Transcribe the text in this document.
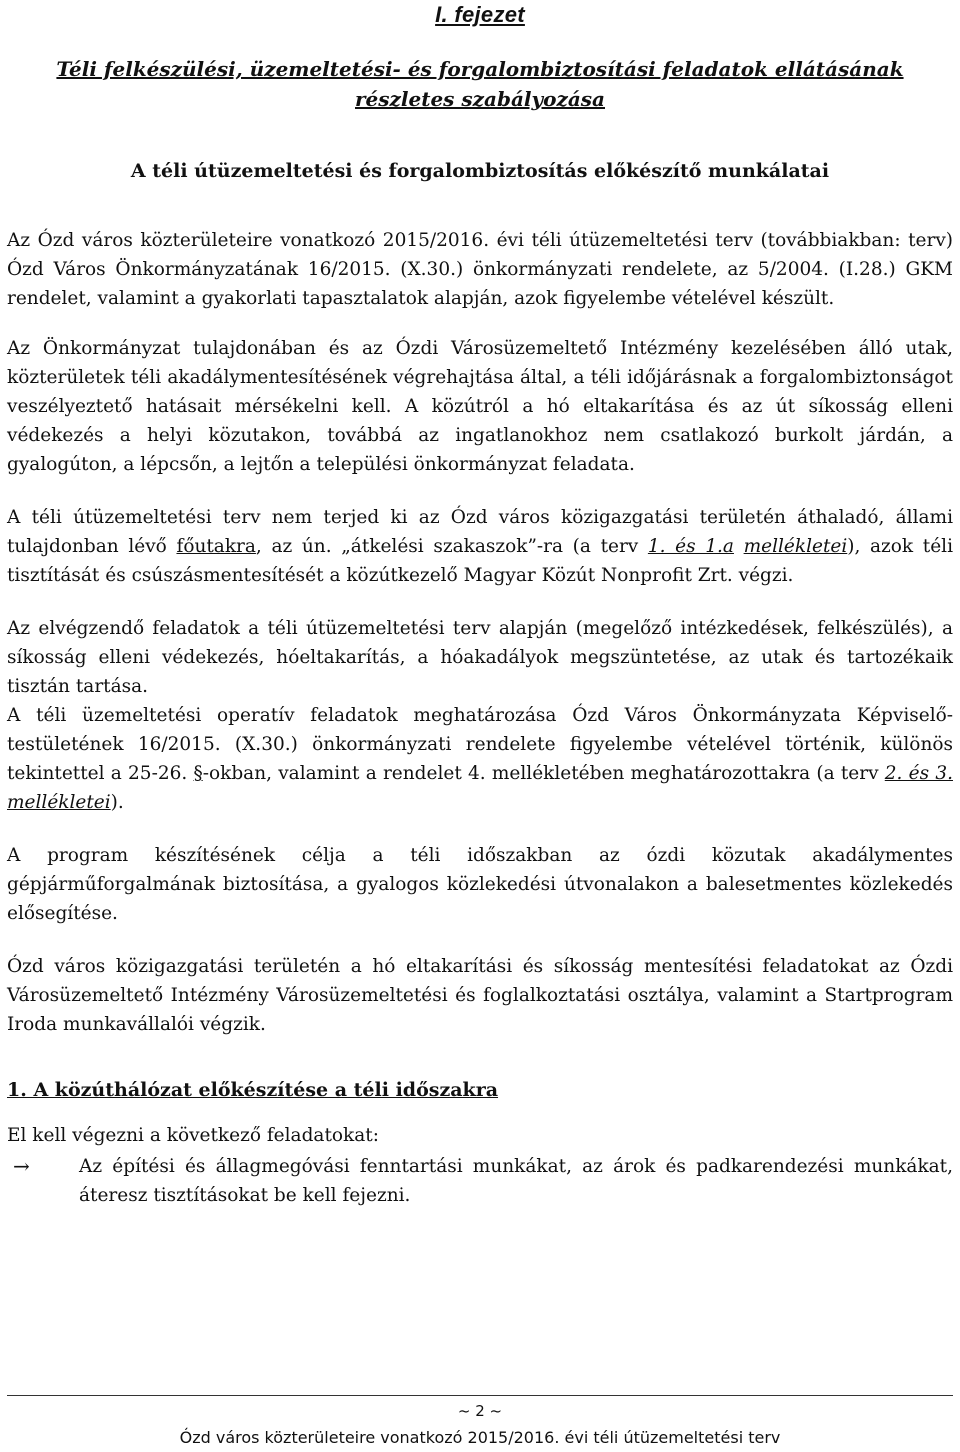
I. fejezet
Téli felkészülési, üzemeltetési- és forgalombiztosítási feladatok ellátásának
részletes szabályozása
A téli útüzemeltetési és forgalombiztosítás előkészítő munkálatai

Az Ózd város közterületeire vonatkozó 2015/2016. évi téli útüzemeltetési terv (továbbiakban: terv) Ózd Város Önkormányzatának 16/2015. (X.30.) önkormányzati rendelete, az 5/2004. (I.28.) GKM rendelet, valamint a gyakorlati tapasztalatok alapján, azok figyelembe vételével készült.

Az Önkormányzat tulajdonában és az Ózdi Városüzemeltető Intézmény kezelésében álló utak, közterületek téli akadálymentesítésének végrehajtása által, a téli időjárásnak a forgalombiztonságot veszélyeztető hatásait mérsékelni kell. A közútról a hó eltakarítása és az út síkosság elleni védekezés a helyi közutakon, továbbá az ingatlanokhoz nem csatlakozó burkolt járdán, a gyalogúton, a lépcsőn, a lejtőn a települési önkormányzat feladata.

A téli útüzemeltetési terv nem terjed ki az Ózd város közigazgatási területén áthaladó, állami tulajdonban lévő főutakra, az ún. „átkelési szakaszok”-ra (a terv 1. és 1.a mellékletei), azok téli tisztítását és csúszásmentesítését a közútkezelő Magyar Közút Nonprofit Zrt. végzi.

Az elvégzendő feladatok a téli útüzemeltetési terv alapján (megelőző intézkedések, felkészülés), a síkosság elleni védekezés, hóeltakarítás, a hóakadályok megszüntetése, az utak és tartozékaik tisztán tartása.

A téli üzemeltetési operatív feladatok meghatározása Ózd Város Önkormányzata Képviselő-testületének 16/2015. (X.30.) önkormányzati rendelete figyelembe vételével történik, különös tekintettel a 25-26. §-okban, valamint a rendelet 4. mellékletében meghatározottakra (a terv 2. és 3. mellékletei).

A program készítésének célja a téli időszakban az ózdi közutak akadálymentes gépjárműforgalmának biztosítása, a gyalogos közlekedési útvonalakon a balesetmentes közlekedés elősegítése.

Ózd város közigazgatási területén a hó eltakarítási és síkosság mentesítési feladatokat az Ózdi Városüzemeltető Intézmény Városüzemeltetési és foglalkoztatási osztálya, valamint a Startprogram Iroda munkavállalói végzik.

1. A közúthálózat előkészítése a téli időszakra

El kell végezni a következő feladatokat:

→	Az építési és állagmegóvási fenntartási munkákat, az árok és padkarendezési munkákat, áteresz tisztításokat be kell fejezni.
~ 2 ~
Ózd város közterületeire vonatkozó 2015/2016. évi téli útüzemeltetési terv
